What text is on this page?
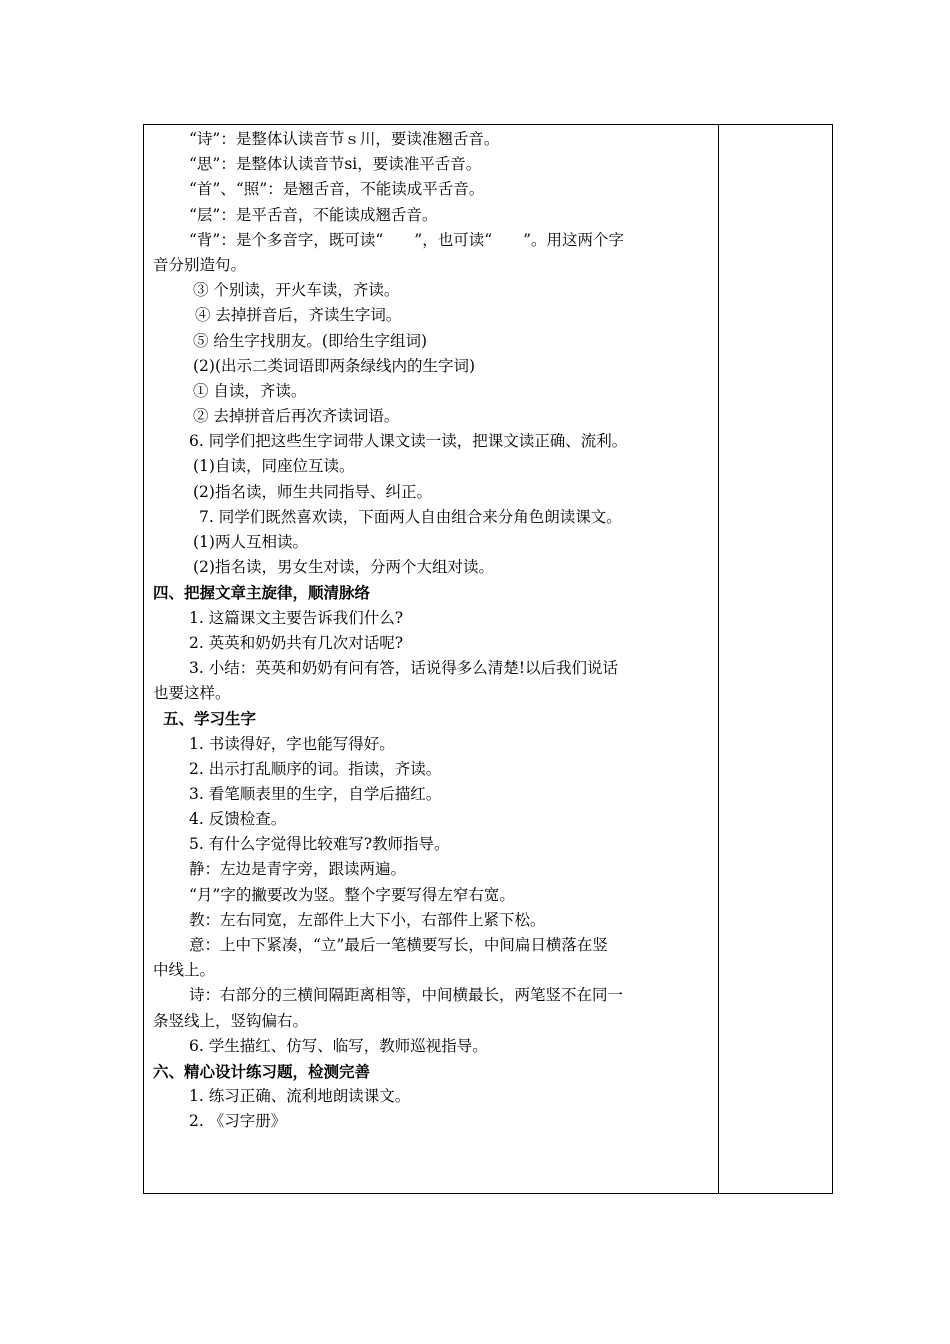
“诗”：是整体认读音节ｓ川，要读准翘舌音。
“思”：是整体认读音节si，要读准平舌音。
“首”、“照”：是翘舌音，不能读成平舌音。
“层”：是平舌音，不能读成翘舌音。
“背”：是个多音字，既可读“　　”，也可读“　　”。用这两个字
音分别造句。
③ 个别读，开火车读，齐读。
④ 去掉拼音后，齐读生字词。
⑤ 给生字找朋友。(即给生字组词)
(2)(出示二类词语即两条绿线内的生字词)
① 自读，齐读。
② 去掉拼音后再次齐读词语。
6. 同学们把这些生字词带人课文读一读，把课文读正确、流利。
(1)自读，同座位互读。
(2)指名读，师生共同指导、纠正。
7. 同学们既然喜欢读，下面两人自由组合来分角色朗读课文。
(1)两人互相读。
(2)指名读，男女生对读，分两个大组对读。
四、把握文章主旋律，顺清脉络
1. 这篇课文主要告诉我们什么?
2. 英英和奶奶共有几次对话呢?
3. 小结：英英和奶奶有问有答，话说得多么清楚!以后我们说话
也要这样。
五、学习生字
1. 书读得好，字也能写得好。
2. 出示打乱顺序的词。指读，齐读。
3. 看笔顺表里的生字，自学后描红。
4. 反馈检查。
5. 有什么字觉得比较难写?教师指导。
静：左边是青字旁，跟读两遍。
“月”字的撇要改为竖。整个字要写得左窄右宽。
教：左右同宽，左部件上大下小，右部件上紧下松。
意：上中下紧凑，“立”最后一笔横要写长，中间扁日横落在竖
中线上。
诗：右部分的三横间隔距离相等，中间横最长，两笔竖不在同一
条竖线上，竖钩偏右。
6. 学生描红、仿写、临写，教师巡视指导。
六、精心设计练习题，检测完善
1. 练习正确、流利地朗读课文。
2. 《习字册》
